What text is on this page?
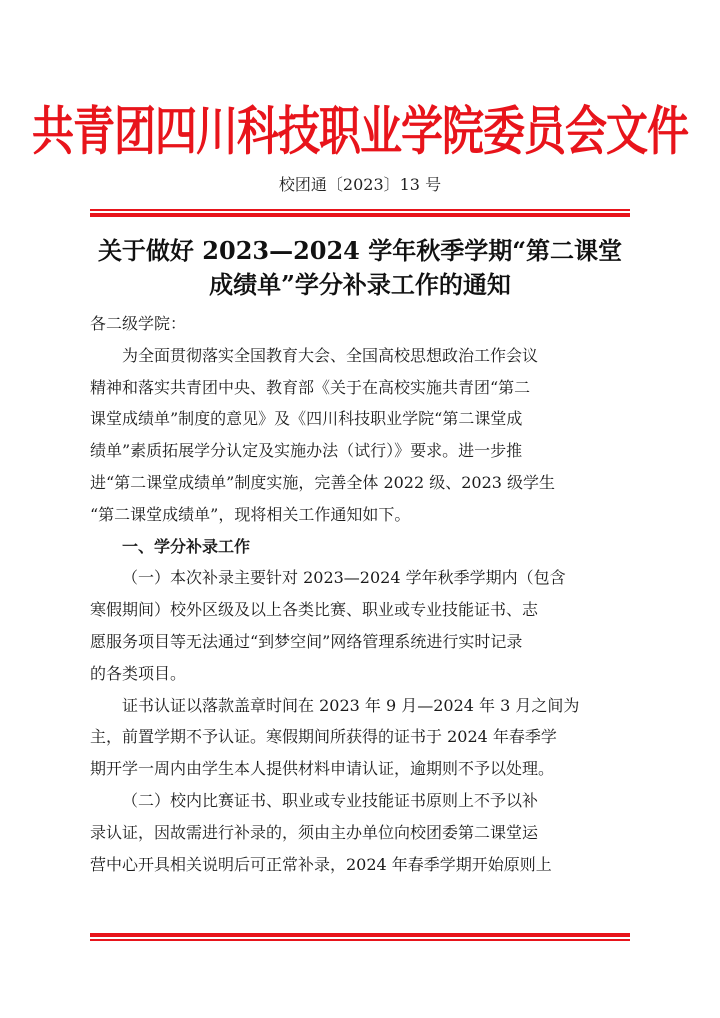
共青团四川科技职业学院委员会文件
校团通〔2023〕13 号
关于做好 2023—2024 学年秋季学期“第二课堂
成绩单”学分补录工作的通知

各二级学院：

为全面贯彻落实全国教育大会、全国高校思想政治工作会议
精神和落实共青团中央、教育部《关于在高校实施共青团“第二
课堂成绩单”制度的意见》及《四川科技职业学院“第二课堂成
绩单”素质拓展学分认定及实施办法（试行）》要求。进一步推
进“第二课堂成绩单”制度实施，完善全体 2022 级、2023 级学生
“第二课堂成绩单”，现将相关工作通知如下。

一、学分补录工作

（一）本次补录主要针对 2023—2024 学年秋季学期内（包含
寒假期间）校外区级及以上各类比赛、职业或专业技能证书、志
愿服务项目等无法通过“到梦空间”网络管理系统进行实时记录
的各类项目。

证书认证以落款盖章时间在 2023 年 9 月—2024 年 3 月之间为
主，前置学期不予认证。寒假期间所获得的证书于 2024 年春季学
期开学一周内由学生本人提供材料申请认证，逾期则不予以处理。

（二）校内比赛证书、职业或专业技能证书原则上不予以补
录认证，因故需进行补录的，须由主办单位向校团委第二课堂运
营中心开具相关说明后可正常补录，2024 年春季学期开始原则上
